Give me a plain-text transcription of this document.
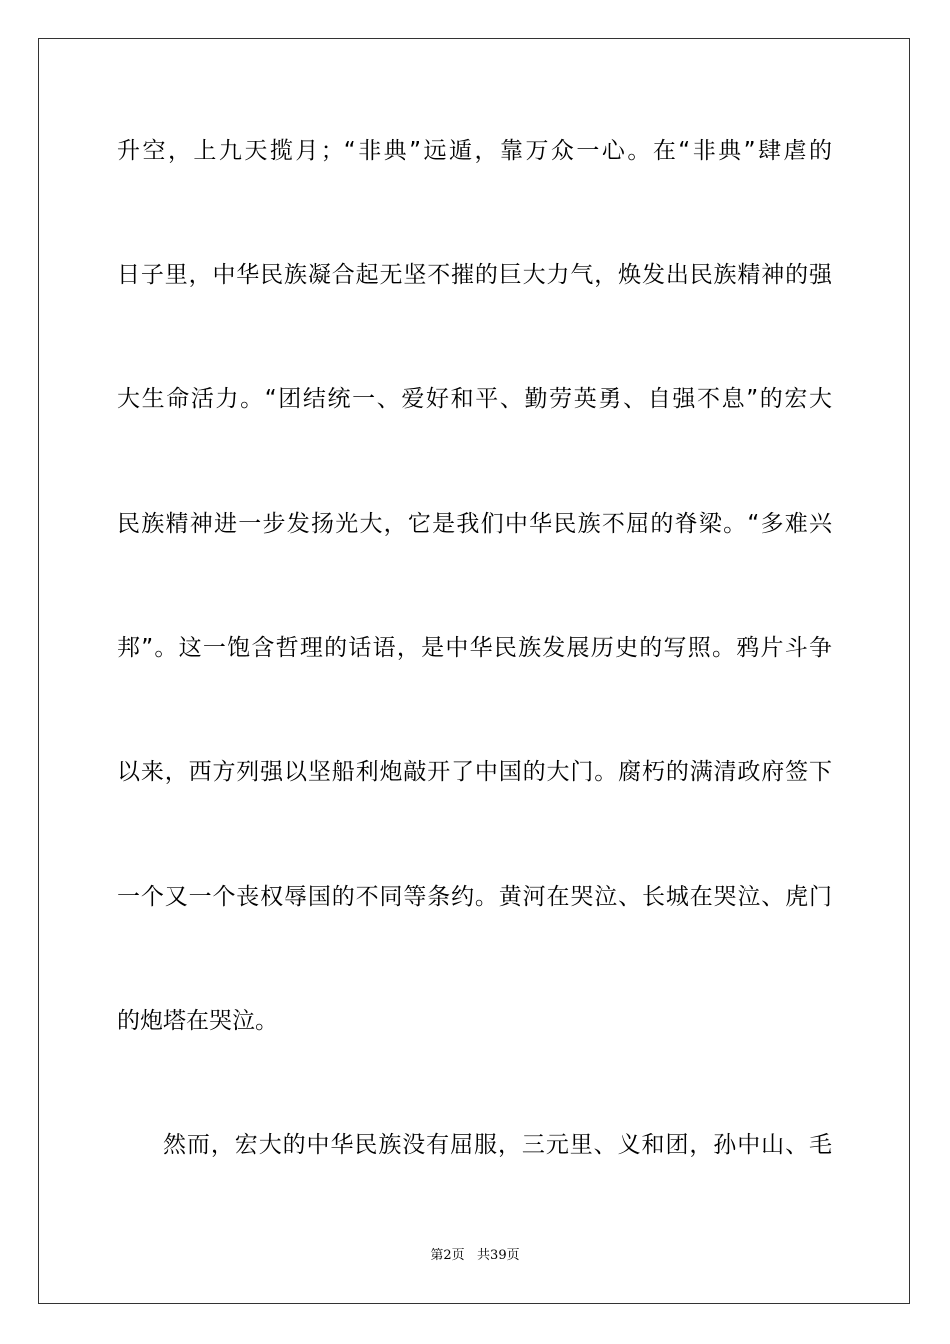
升空，上九天揽月；“非典”远遁，靠万众一心。在“非典”肆虐的
日子里，中华民族凝合起无坚不摧的巨大力气，焕发出民族精神的强
大生命活力。“团结统一、爱好和平、勤劳英勇、自强不息”的宏大
民族精神进一步发扬光大，它是我们中华民族不屈的脊梁。“多难兴
邦”。这一饱含哲理的话语，是中华民族发展历史的写照。鸦片斗争
以来，西方列强以坚船利炮敲开了中国的大门。腐朽的满清政府签下
一个又一个丧权辱国的不同等条约。黄河在哭泣、长城在哭泣、虎门
的炮塔在哭泣。
然而，宏大的中华民族没有屈服，三元里、义和团，孙中山、毛
第2页   共39页
